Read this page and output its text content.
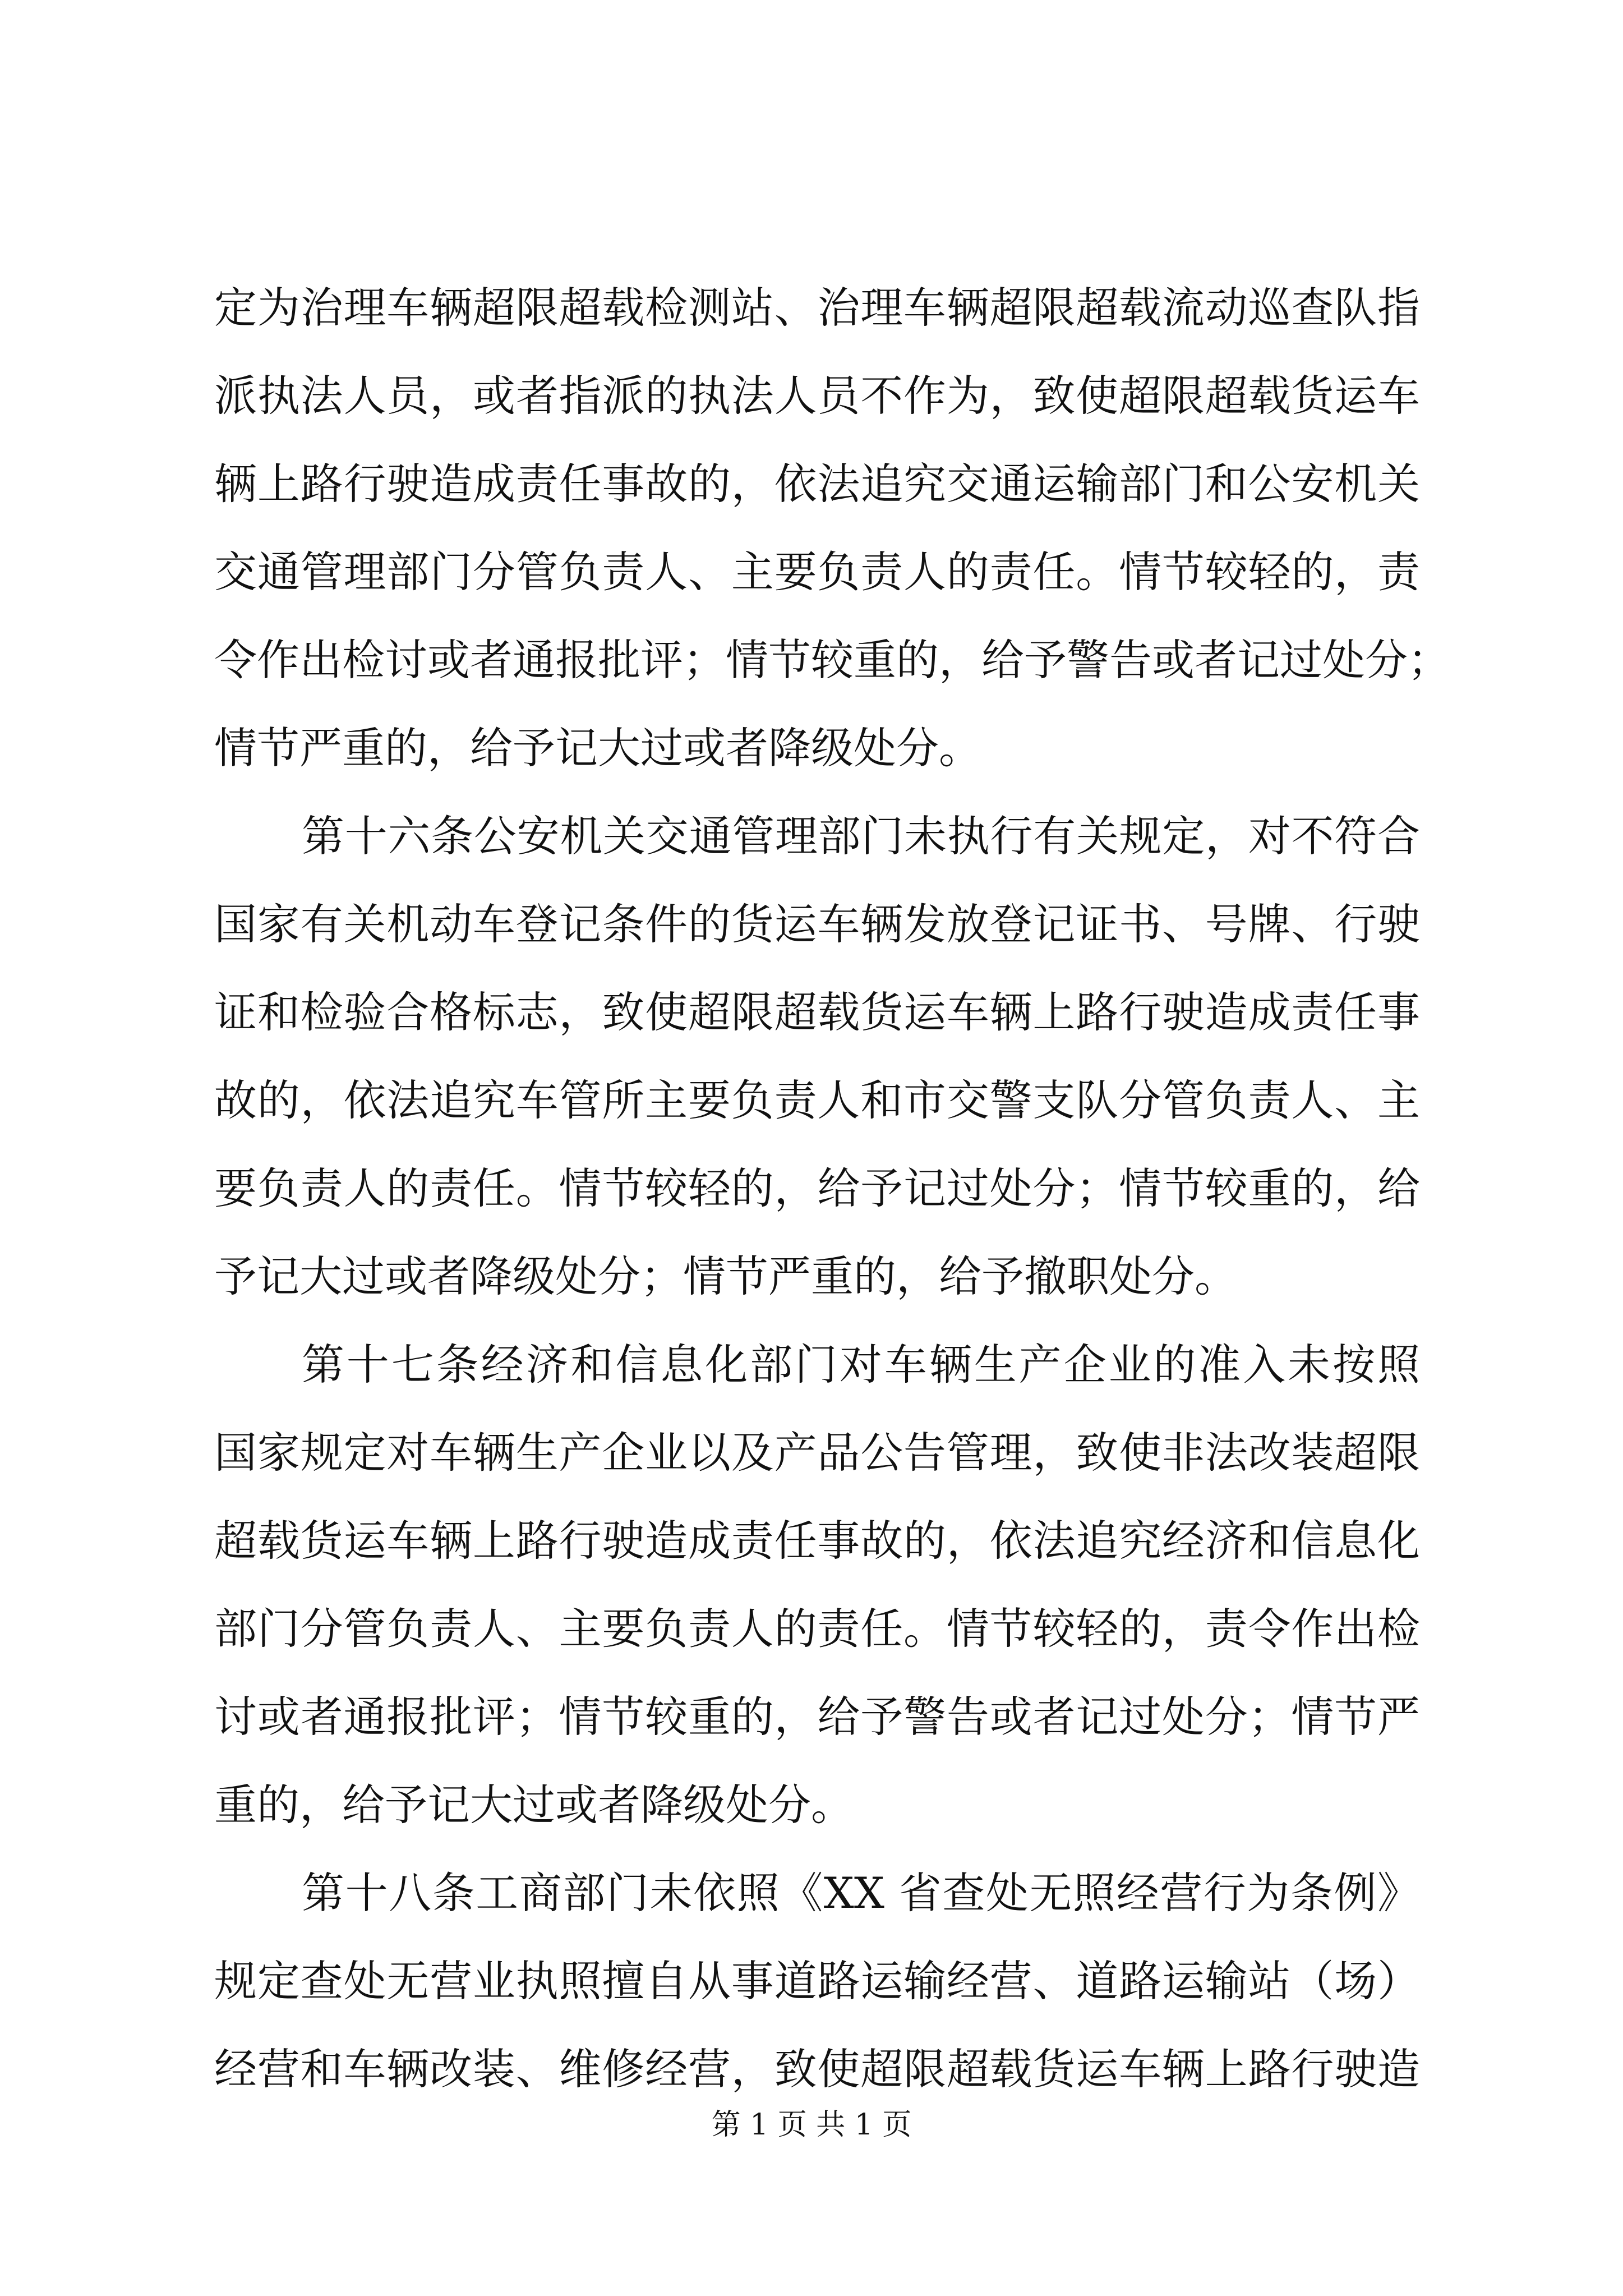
定为治理车辆超限超载检测站、治理车辆超限超载流动巡查队指
派执法人员，或者指派的执法人员不作为，致使超限超载货运车
辆上路行驶造成责任事故的，依法追究交通运输部门和公安机关
交通管理部门分管负责人、主要负责人的责任。情节较轻的，责
令作出检讨或者通报批评；情节较重的，给予警告或者记过处分；
情节严重的，给予记大过或者降级处分。
第十六条公安机关交通管理部门未执行有关规定，对不符合
国家有关机动车登记条件的货运车辆发放登记证书、号牌、行驶
证和检验合格标志，致使超限超载货运车辆上路行驶造成责任事
故的，依法追究车管所主要负责人和市交警支队分管负责人、主
要负责人的责任。情节较轻的，给予记过处分；情节较重的，给
予记大过或者降级处分；情节严重的，给予撤职处分。
第十七条经济和信息化部门对车辆生产企业的准入未按照
国家规定对车辆生产企业以及产品公告管理，致使非法改装超限
超载货运车辆上路行驶造成责任事故的，依法追究经济和信息化
部门分管负责人、主要负责人的责任。情节较轻的，责令作出检
讨或者通报批评；情节较重的，给予警告或者记过处分；情节严
重的，给予记大过或者降级处分。
第十八条工商部门未依照《XX 省查处无照经营行为条例》
规定查处无营业执照擅自从事道路运输经营、道路运输站（场）
经营和车辆改装、维修经营，致使超限超载货运车辆上路行驶造
第 1 页 共 1 页
